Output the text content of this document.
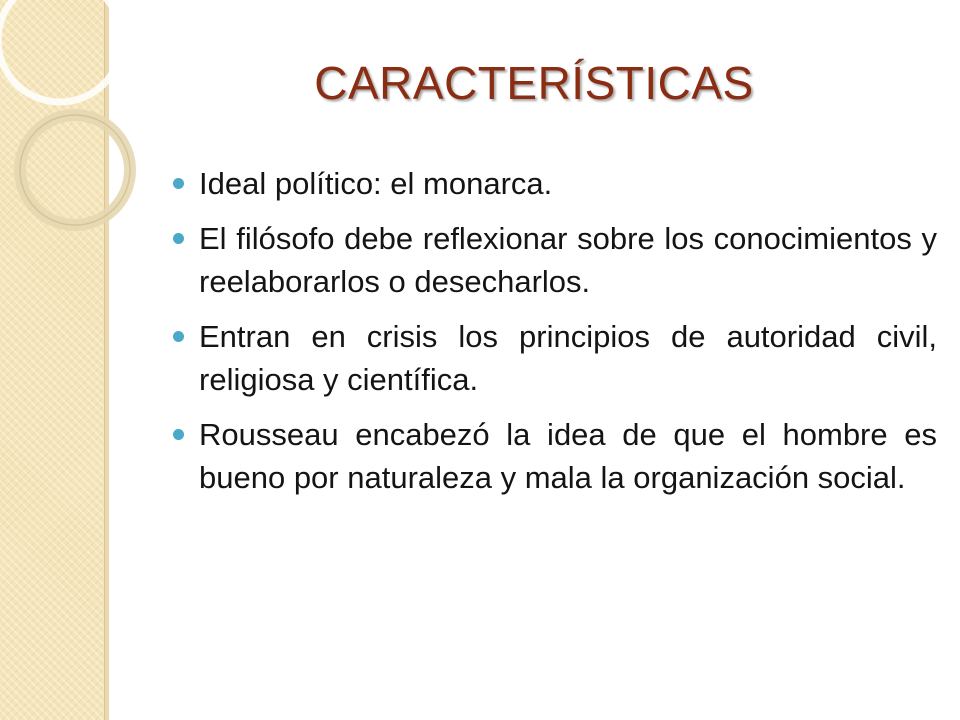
CARACTERÍSTICAS
Ideal político: el monarca.
El filósofo debe reflexionar sobre los conocimientos y reelaborarlos o desecharlos.
Entran en crisis los principios de autoridad civil, religiosa y científica.
Rousseau encabezó la idea de que el hombre es bueno por naturaleza y mala la organización social.
